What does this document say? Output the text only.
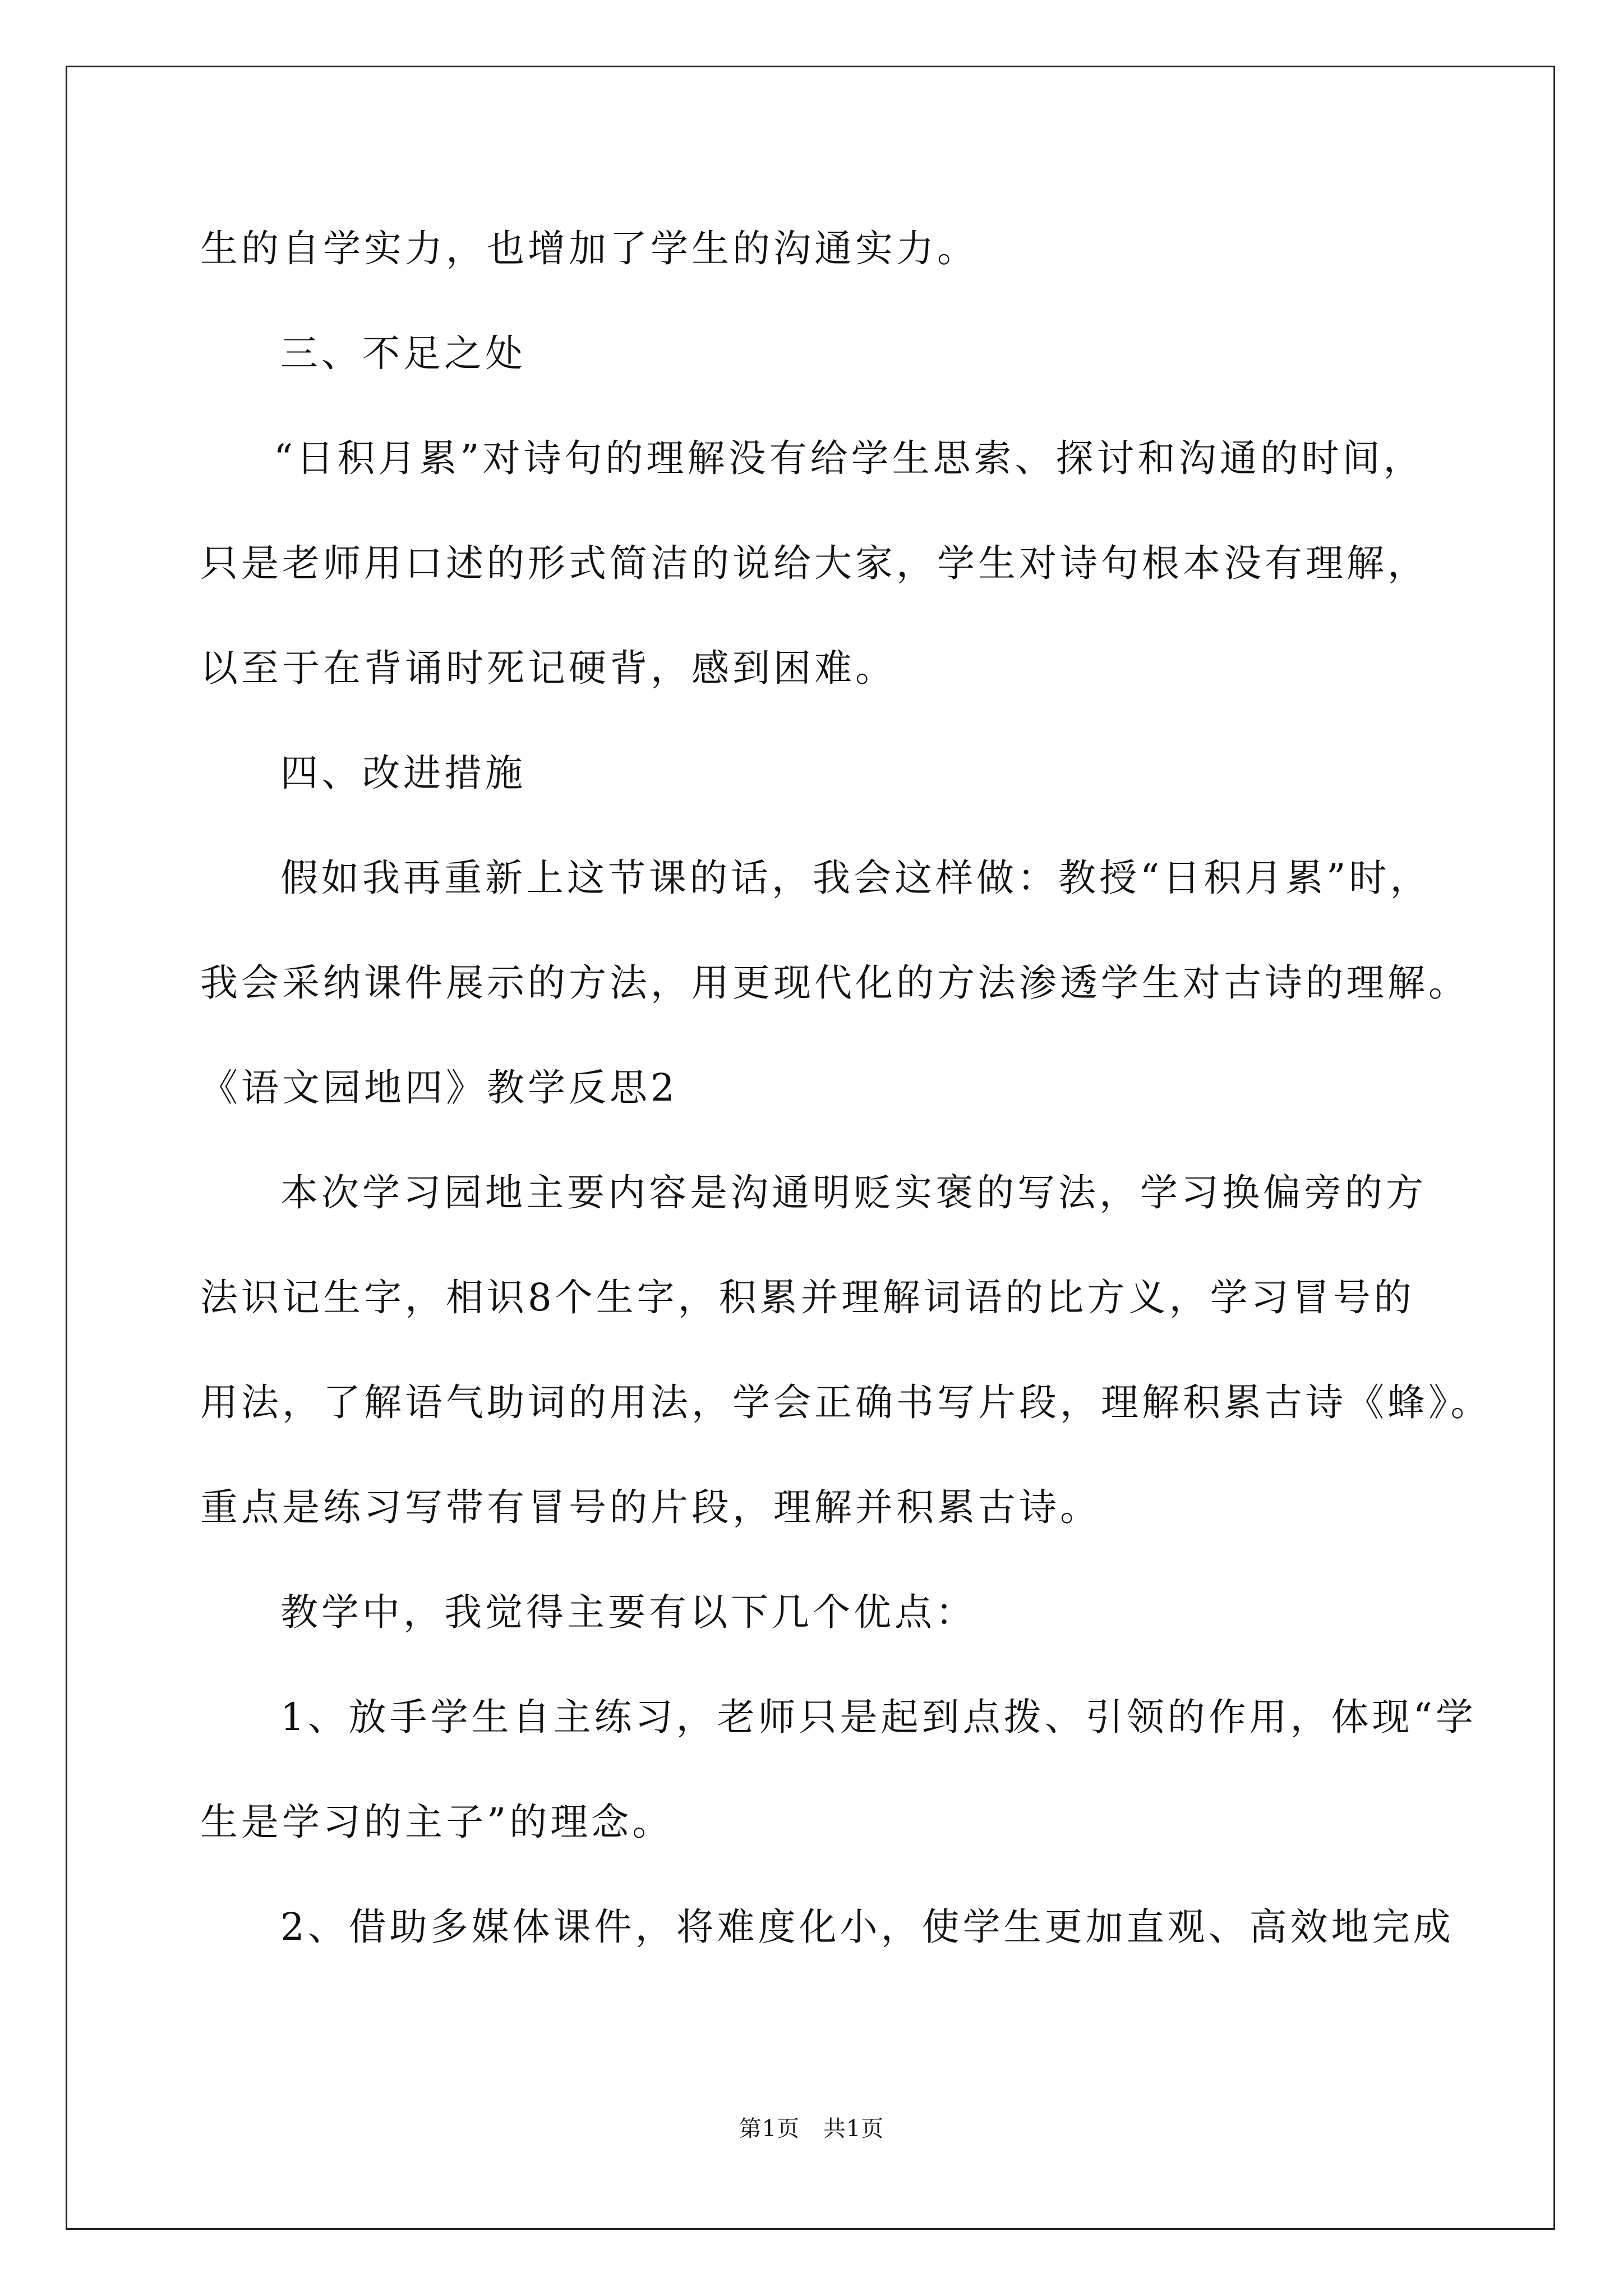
生的自学实力，也增加了学生的沟通实力。
三、不足之处
“日积月累”对诗句的理解没有给学生思索、探讨和沟通的时间，
只是老师用口述的形式简洁的说给大家，学生对诗句根本没有理解，
以至于在背诵时死记硬背，感到困难。
四、改进措施
假如我再重新上这节课的话，我会这样做：教授“日积月累”时，
我会采纳课件展示的方法，用更现代化的方法渗透学生对古诗的理解。
《语文园地四》教学反思2
本次学习园地主要内容是沟通明贬实褒的写法，学习换偏旁的方
法识记生字，相识8个生字，积累并理解词语的比方义，学习冒号的
用法，了解语气助词的用法，学会正确书写片段，理解积累古诗《蜂》。
重点是练习写带有冒号的片段，理解并积累古诗。
教学中，我觉得主要有以下几个优点：
1、放手学生自主练习，老师只是起到点拨、引领的作用，体现“学
生是学习的主子”的理念。
2、借助多媒体课件，将难度化小，使学生更加直观、高效地完成
第1页 共1页
